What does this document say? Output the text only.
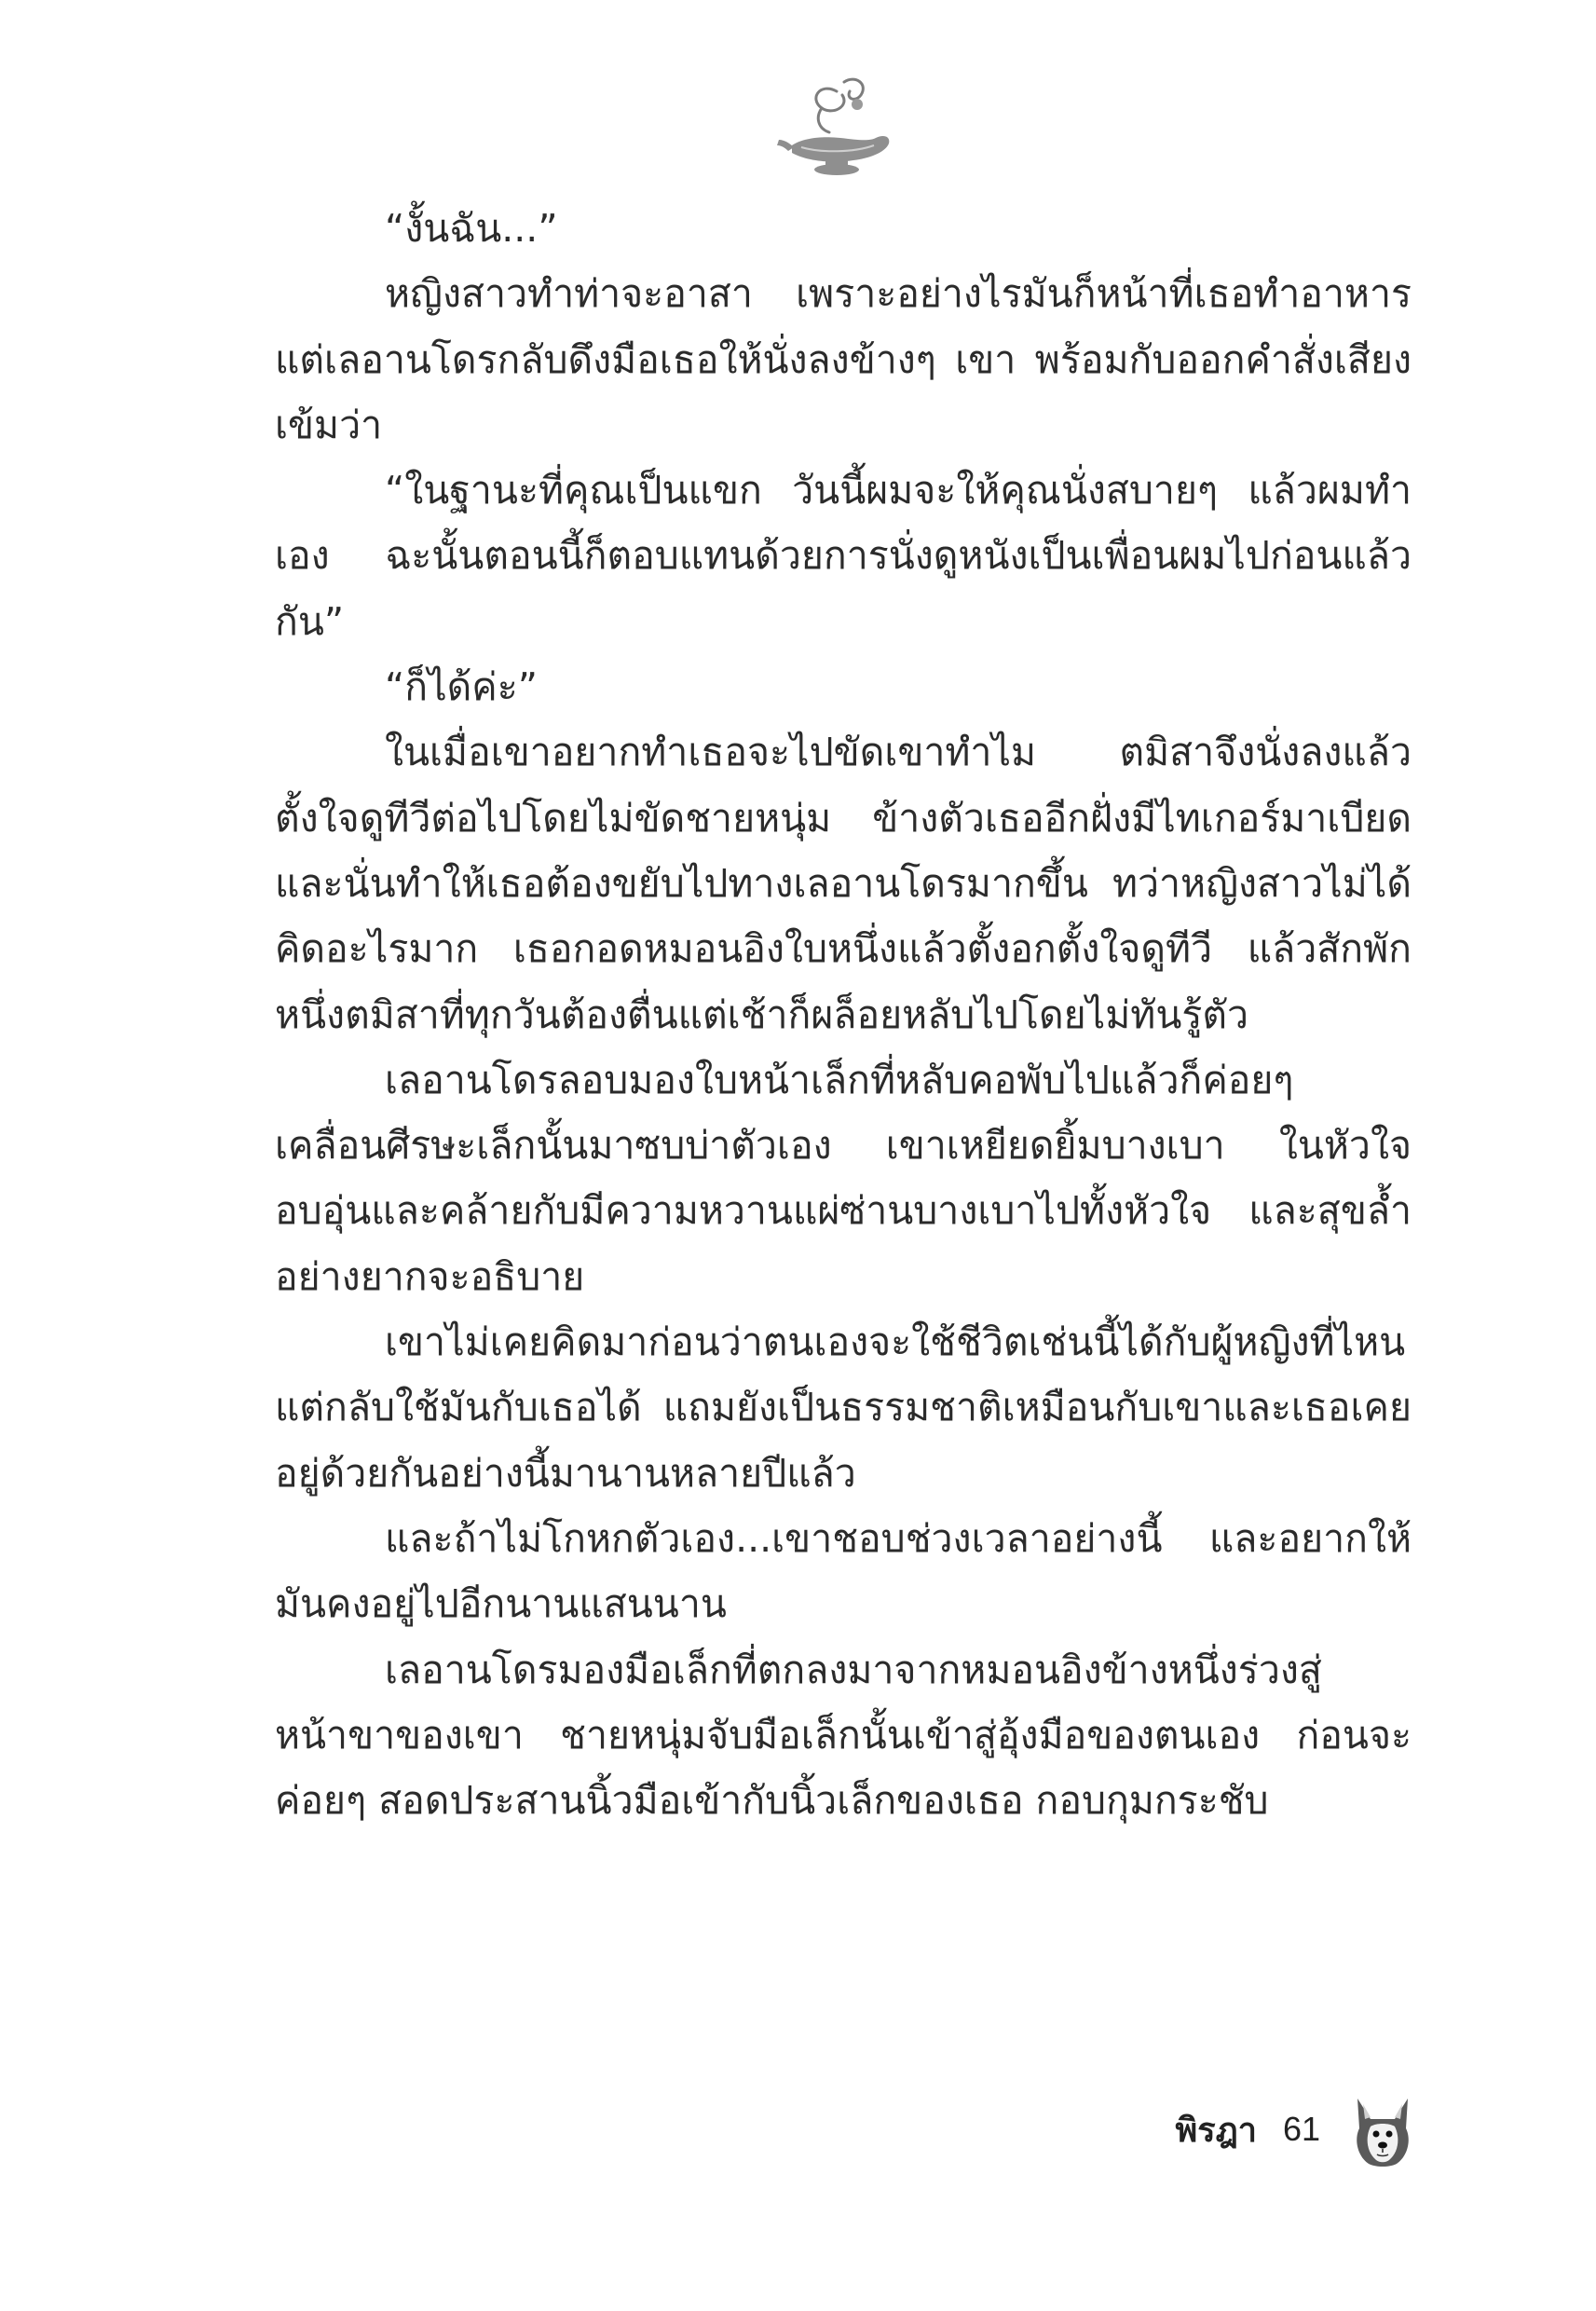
“งั้นฉัน...”

หญิงสาวทำท่าจะอาสา เพราะอย่างไรมันก็หน้าที่เธอทำอาหาร แต่เลอานโดรกลับดึงมือเธอให้นั่งลงข้างๆ เขา พร้อมกับออกคำสั่งเสียงเข้มว่า

“ในฐานะที่คุณเป็นแขก วันนี้ผมจะให้คุณนั่งสบายๆ แล้วผมทำเอง ฉะนั้นตอนนี้ก็ตอบแทนด้วยการนั่งดูหนังเป็นเพื่อนผมไปก่อนแล้วกัน”

“ก็ได้ค่ะ”

ในเมื่อเขาอยากทำเธอจะไปขัดเขาทำไม ตมิสาจึงนั่งลงแล้วตั้งใจดูทีวีต่อไปโดยไม่ขัดชายหนุ่ม ข้างตัวเธออีกฝั่งมีไทเกอร์มาเบียด และนั่นทำให้เธอต้องขยับไปทางเลอานโดรมากขึ้น ทว่าหญิงสาวไม่ได้คิดอะไรมาก เธอกอดหมอนอิงใบหนึ่งแล้วตั้งอกตั้งใจดูทีวี แล้วสักพักหนึ่งตมิสาที่ทุกวันต้องตื่นแต่เช้าก็ผล็อยหลับไปโดยไม่ทันรู้ตัว

เลอานโดรลอบมองใบหน้าเล็กที่หลับคอพับไปแล้วก็ค่อยๆ เคลื่อนศีรษะเล็กนั้นมาซบบ่าตัวเอง เขาเหยียดยิ้มบางเบา ในหัวใจอบอุ่นและคล้ายกับมีความหวานแผ่ซ่านบางเบาไปทั้งหัวใจ และสุขล้ำอย่างยากจะอธิบาย

เขาไม่เคยคิดมาก่อนว่าตนเองจะใช้ชีวิตเช่นนี้ได้กับผู้หญิงที่ไหน แต่กลับใช้มันกับเธอได้ แถมยังเป็นธรรมชาติเหมือนกับเขาและเธอเคยอยู่ด้วยกันอย่างนี้มานานหลายปีแล้ว

และถ้าไม่โกหกตัวเอง...เขาชอบช่วงเวลาอย่างนี้ และอยากให้มันคงอยู่ไปอีกนานแสนนาน

เลอานโดรมองมือเล็กที่ตกลงมาจากหมอนอิงข้างหนึ่งร่วงสู่หน้าขาของเขา ชายหนุ่มจับมือเล็กนั้นเข้าสู่อุ้งมือของตนเอง ก่อนจะค่อยๆ สอดประสานนิ้วมือเข้ากับนิ้วเล็กของเธอ กอบกุมกระชับ

พิรฎา 61
